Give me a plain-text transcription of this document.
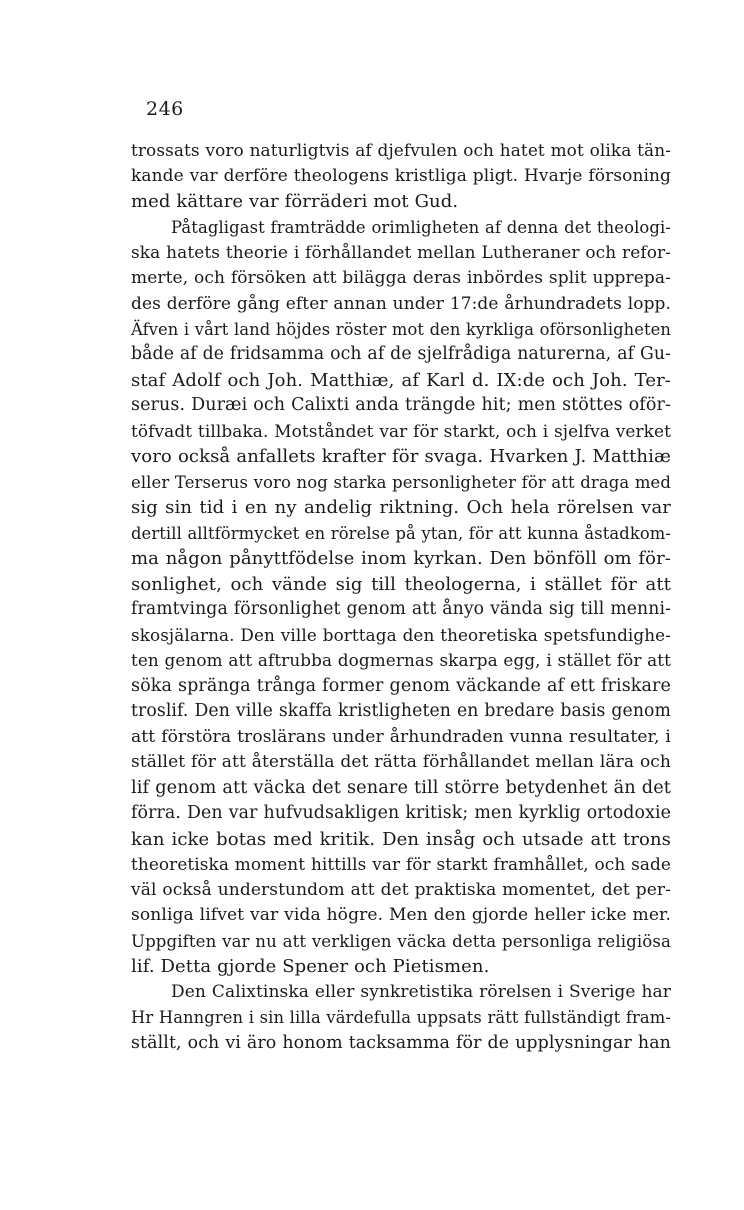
246
trossats voro naturligtvis af djefvulen och hatet mot olika tän-
kande var derföre theologens kristliga pligt. Hvarje försoning
med kättare var förräderi mot Gud.
Påtagligast framträdde orimligheten af denna det theologi-
ska hatets theorie i förhållandet mellan Lutheraner och refor-
merte, och försöken att bilägga deras inbördes split upprepa-
des derföre gång efter annan under 17:de århundradets lopp.
Äfven i vårt land höjdes röster mot den kyrkliga oförsonligheten
både af de fridsamma och af de sjelfrådiga naturerna, af Gu-
staf Adolf och Joh. Matthiæ, af Karl d. IX:de och Joh. Ter-
serus. Duræi och Calixti anda trängde hit; men stöttes oför-
töfvadt tillbaka. Motståndet var för starkt, och i sjelfva verket
voro också anfallets krafter för svaga. Hvarken J. Matthiæ
eller Terserus voro nog starka personligheter för att draga med
sig sin tid i en ny andelig riktning. Och hela rörelsen var
dertill alltförmycket en rörelse på ytan, för att kunna åstadkom-
ma någon pånyttfödelse inom kyrkan. Den bönföll om för-
sonlighet, och vände sig till theologerna, i stället för att
framtvinga försonlighet genom att ånyo vända sig till menni-
skosjälarna. Den ville borttaga den theoretiska spetsfundighe-
ten genom att aftrubba dogmernas skarpa egg, i stället för att
söka spränga trånga former genom väckande af ett friskare
troslif. Den ville skaffa kristligheten en bredare basis genom
att förstöra troslärans under århundraden vunna resultater, i
stället för att återställa det rätta förhållandet mellan lära och
lif genom att väcka det senare till större betydenhet än det
förra. Den var hufvudsakligen kritisk; men kyrklig ortodoxie
kan icke botas med kritik. Den insåg och utsade att trons
theoretiska moment hittills var för starkt framhållet, och sade
väl också understundom att det praktiska momentet, det per-
sonliga lifvet var vida högre. Men den gjorde heller icke mer.
Uppgiften var nu att verkligen väcka detta personliga religiösa
lif. Detta gjorde Spener och Pietismen.
Den Calixtinska eller synkretistika rörelsen i Sverige har
Hr Hanngren i sin lilla värdefulla uppsats rätt fullständigt fram-
ställt, och vi äro honom tacksamma för de upplysningar han
